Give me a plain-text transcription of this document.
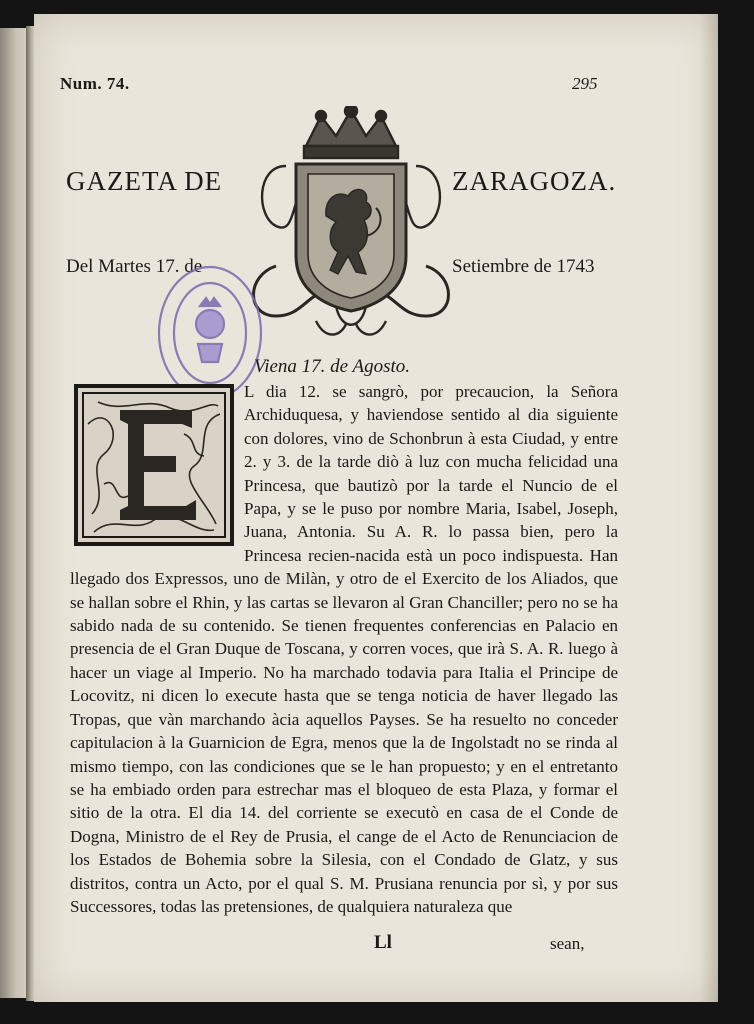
Num. 74.	295
GAZETA DE	ZARAGOZA.
Del Martes 17. de	Setiembre de 1743
Viena 17. de Agosto.
L dia 12. se sangrò, por precaucion, la Señora Archiduquesa, y haviendose sentido al dia siguiente con dolores, vino de Schonbrun à esta Ciudad, y entre 2. y 3. de la tarde diò à luz con mucha felicidad una Princesa, que bautizò por la tarde el Nuncio de el Papa, y se le puso por nombre Maria, Isabel, Joseph, Juana, Antonia. Su A. R. lo passa bien, pero la Princesa recien-nacida està un poco indispuesta. Han llegado dos Expressos, uno de Milàn, y otro de el Exercito de los Aliados, que se hallan sobre el Rhin, y las cartas se llevaron al Gran Chanciller; pero no se ha sabido nada de su contenido. Se tienen frequentes conferencias en Palacio en presencia de el Gran Duque de Toscana, y corren voces, que irà S. A. R. luego à hacer un viage al Imperio. No ha marchado todavia para Italia el Principe de Locovitz, ni dicen lo execute hasta que se tenga noticia de haver llegado las Tropas, que vàn marchando àcia aquellos Payses. Se ha resuelto no conceder capitulacion à la Guarnicion de Egra, menos que la de Ingolstadt no se rinda al mismo tiempo, con las condiciones que se le han propuesto; y en el entretanto se ha embiado orden para estrechar mas el bloqueo de esta Plaza, y formar el sitio de la otra. El dia 14. del corriente se executò en casa de el Conde de Dogna, Ministro de el Rey de Prusia, el cange de el Acto de Renunciacion de los Estados de Bohemia sobre la Silesia, con el Condado de Glatz, y sus distritos, contra un Acto, por el qual S. M. Prusiana renuncia por sì, y por sus Successores, todas las pretensiones, de qualquiera naturaleza que
Ll	sean,
